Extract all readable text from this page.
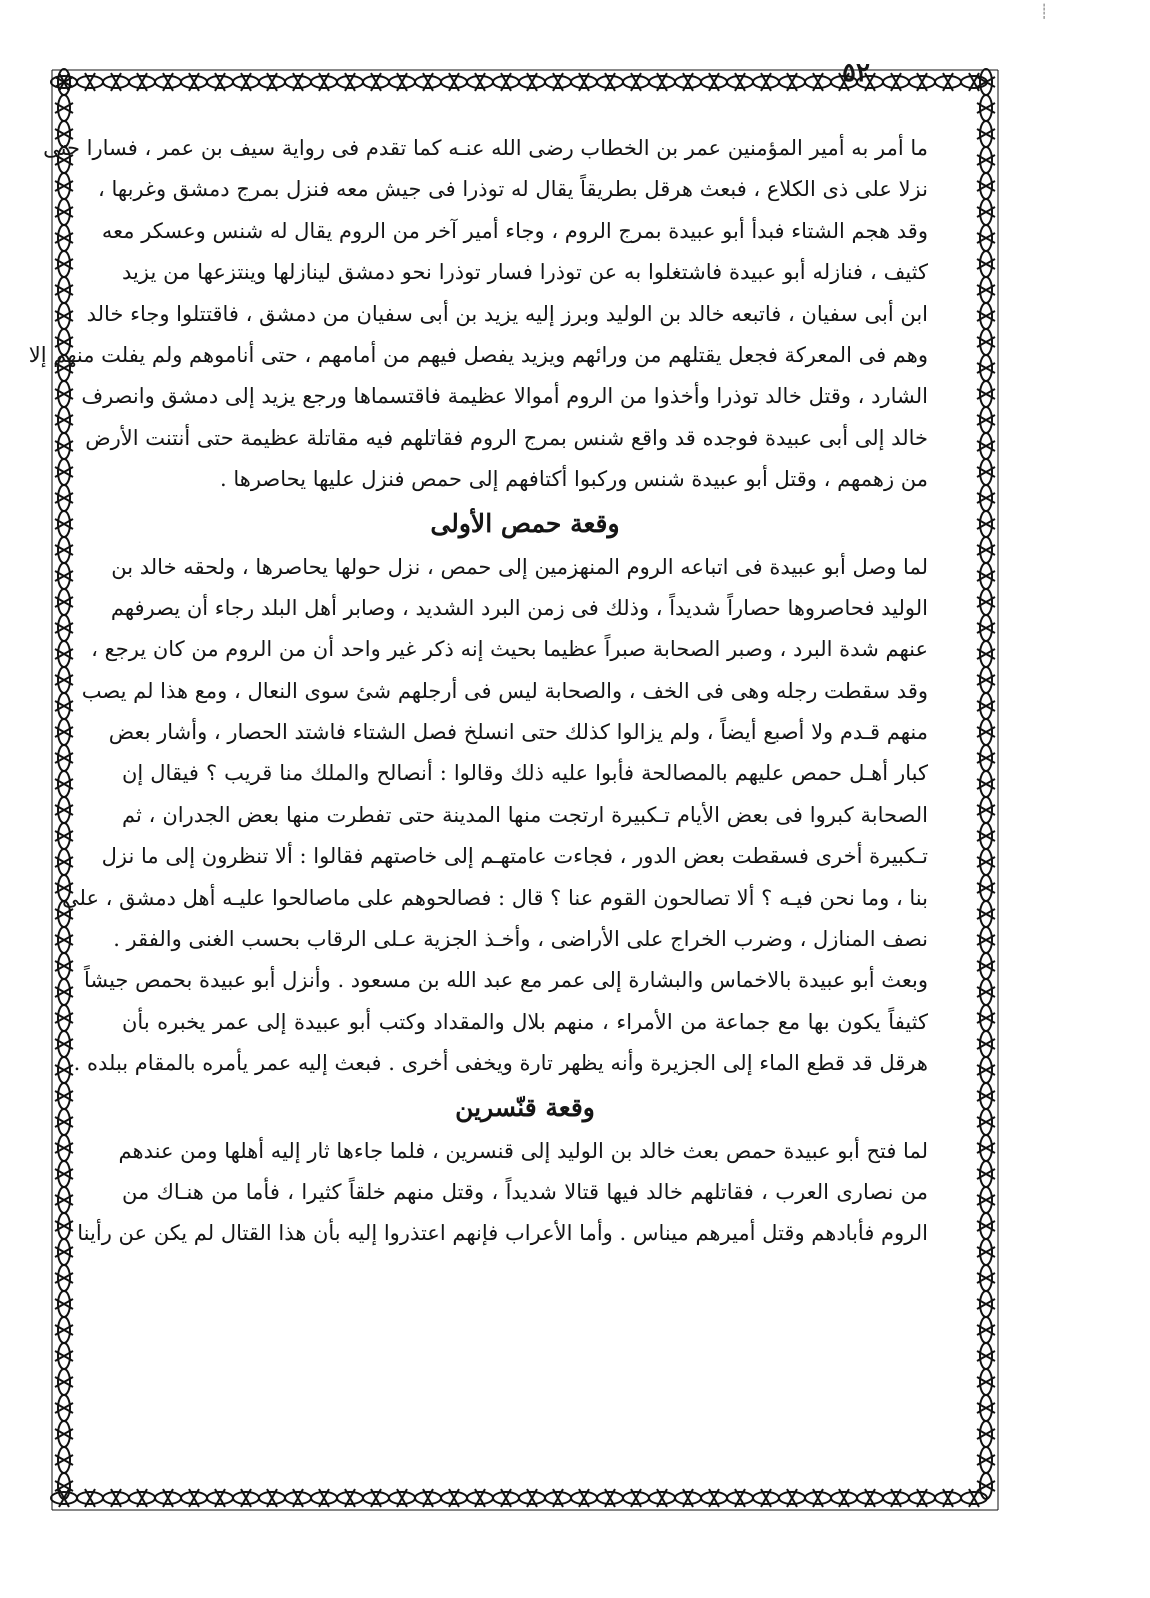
┊
٥٢
ما أمر به أمير المؤمنين عمر بن الخطاب رضى الله عنـه كما تقدم فى رواية سيف بن عمر ، فسارا حتى
نزلا على ذى الكلاع ، فبعث هرقل بطريقاً يقال له توذرا فى جيش معه فنزل بمرج دمشق وغربها ،
وقد هجم الشتاء فبدأ أبو عبيدة بمرج الروم ، وجاء أمير آخر من الروم يقال له شنس وعسكر معه
كثيف ، فنازله أبو عبيدة فاشتغلوا به عن توذرا فسار توذرا نحو دمشق لينازلها وينتزعها من يزيد
ابن أبى سفيان ، فاتبعه خالد بن الوليد وبرز إليه يزيد بن أبى سفيان من دمشق ، فاقتتلوا وجاء خالد
وهم فى المعركة فجعل يقتلهم من ورائهم ويزيد يفصل فيهم من أمامهم ، حتى أناموهم ولم يفلت منهم إلا
الشارد ، وقتل خالد توذرا وأخذوا من الروم أموالا عظيمة فاقتسماها ورجع يزيد إلى دمشق وانصرف
خالد إلى أبى عبيدة فوجده قد واقع شنس بمرج الروم فقاتلهم فيه مقاتلة عظيمة حتى أنتنت الأرض
من زهمهم ، وقتل أبو عبيدة شنس وركبوا أكتافهم إلى حمص فنزل عليها يحاصرها .
وقعة حمص الأولى
لما وصل أبو عبيدة فى اتباعه الروم المنهزمين إلى حمص ، نزل حولها يحاصرها ، ولحقه خالد بن
الوليد فحاصروها حصاراً شديداً ، وذلك فى زمن البرد الشديد ، وصابر أهل البلد رجاء أن يصرفهم
عنهم شدة البرد ، وصبر الصحابة صبراً عظيما بحيث إنه ذكر غير واحد أن من الروم من كان يرجع ،
وقد سقطت رجله وهى فى الخف ، والصحابة ليس فى أرجلهم شئ سوى النعال ، ومع هذا لم يصب
منهم قـدم ولا أصبع أيضاً ، ولم يزالوا كذلك حتى انسلخ فصل الشتاء فاشتد الحصار ، وأشار بعض
كبار أهـل حمص عليهم بالمصالحة فأبوا عليه ذلك وقالوا : أنصالح والملك منا قريب ؟ فيقال إن
الصحابة كبروا فى بعض الأيام تـكبيرة ارتجت منها المدينة حتى تفطرت منها بعض الجدران ، ثم
تـكبيرة أخرى فسقطت بعض الدور ، فجاءت عامتهـم إلى خاصتهم فقالوا : ألا تنظرون إلى ما نزل
بنا ، وما نحن فيـه ؟ ألا تصالحون القوم عنا ؟ قال : فصالحوهم على ماصالحوا عليـه أهل دمشق ، على
نصف المنازل ، وضرب الخراج على الأراضى ، وأخـذ الجزية عـلى الرقاب بحسب الغنى والفقر .
وبعث أبو عبيدة بالاخماس والبشارة إلى عمر مع عبد الله بن مسعود . وأنزل أبو عبيدة بحمص جيشاً
كثيفاً يكون بها مع جماعة من الأمراء ، منهم بلال والمقداد وكتب أبو عبيدة إلى عمر يخبره بأن
هرقل قد قطع الماء إلى الجزيرة وأنه يظهر تارة ويخفى أخرى . فبعث إليه عمر يأمره بالمقام ببلده .
وقعة قنّسرين
لما فتح أبو عبيدة حمص بعث خالد بن الوليد إلى قنسرين ، فلما جاءها ثار إليه أهلها ومن عندهم
من نصارى العرب ، فقاتلهم خالد فيها قتالا شديداً ، وقتل منهم خلقاً كثيرا ، فأما من هنـاك من
الروم فأبادهم وقتل أميرهم ميناس . وأما الأعراب فإنهم اعتذروا إليه بأن هذا القتال لم يكن عن رأينا
